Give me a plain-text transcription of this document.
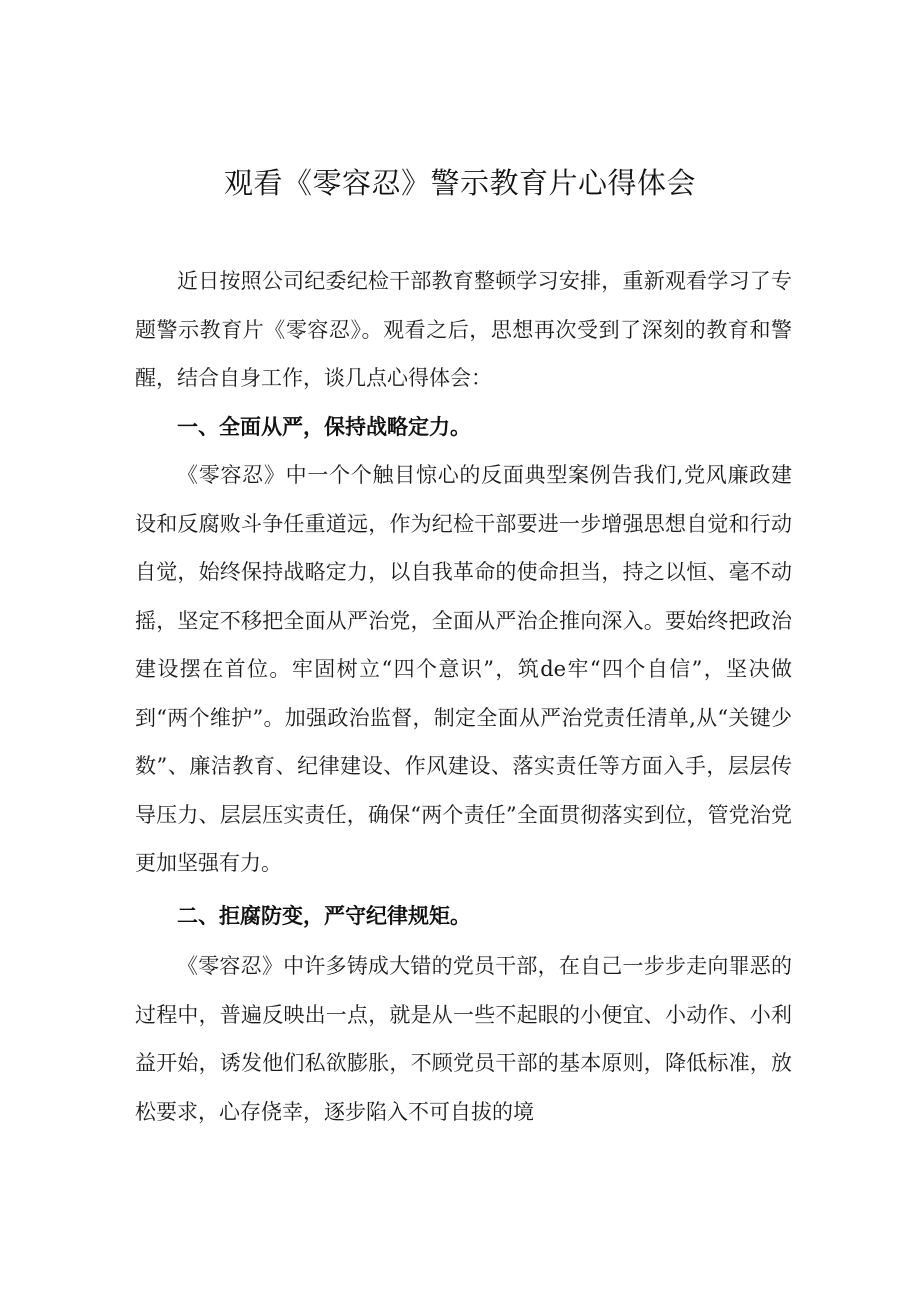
观看《零容忍》警示教育片心得体会

近日按照公司纪委纪检干部教育整顿学习安排，重新观看学习了专题警示教育片《零容忍》。观看之后，思想再次受到了深刻的教育和警醒，结合自身工作，谈几点心得体会：

一、全面从严，保持战略定力。

《零容忍》中一个个触目惊心的反面典型案例告我们,党风廉政建设和反腐败斗争任重道远，作为纪检干部要进一步增强思想自觉和行动自觉，始终保持战略定力，以自我革命的使命担当，持之以恒、毫不动摇，坚定不移把全面从严治党，全面从严治企推向深入。要始终把政治建设摆在首位。牢固树立“四个意识”，筑de牢“四个自信”，坚决做到“两个维护”。加强政治监督，制定全面从严治党责任清单,从“关键少数”、廉洁教育、纪律建设、作风建设、落实责任等方面入手，层层传导压力、层层压实责任，确保“两个责任”全面贯彻落实到位，管党治党更加坚强有力。

二、拒腐防变，严守纪律规矩。

《零容忍》中许多铸成大错的党员干部，在自己一步步走向罪恶的过程中，普遍反映出一点，就是从一些不起眼的小便宜、小动作、小利益开始，诱发他们私欲膨胀，不顾党员干部的基本原则，降低标准，放松要求，心存侥幸，逐步陷入不可自拔的境
